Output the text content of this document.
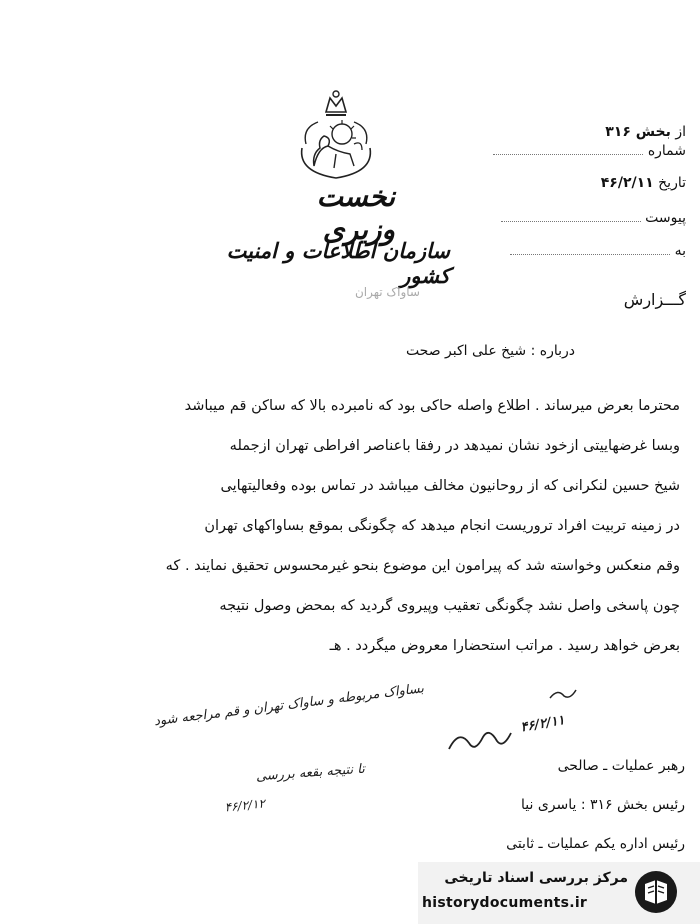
نخست وزیری
سازمان اطلاعات و امنیت کشور
ساواک تهران
از بخش ۳۱۶
شماره
تاریخ ۴۶/۲/۱۱
پیوست
به
گـــزارش
درباره : شیخ علی اکبر صحت
محترما بعرض میرساند . اطلاع واصله حاکی بود که نامبرده بالا که ساکن قم میباشد
وبسا غرضهاییتی ازخود نشان نمیدهد در رفقا باعناصر افراطی تهران ازجمله
شیخ حسین لنکرانی که از روحانیون مخالف میباشد در تماس بوده وفعالیتهایی
در زمینه تربیت افراد تروریست انجام میدهد که چگونگی بموقع بساواکهای تهران
وقم منعکس وخواسته شد که پیرامون این موضوع بنحو غیرمحسوس تحقیق نمایند . که
چون پاسخی واصل نشد چگونگی تعقیب وپیروی گردید که بمحض وصول نتیجه
بعرض خواهد رسید . مراتب استحضارا معروض میگردد . هـ
بساواک مربوطه و ساواک تهران و قم مراجعه شود
تا نتیجه بقعه بررسی
۴۶/۲/۱۲
۴۶/۲/۱۱
رهبر عملیات ـ صالحی
رئیس بخش ۳۱۶ : یاسری نیا
رئیس اداره یکم عملیات ـ ثابتی
مرکز بررسی اسناد تاریخی
historydocuments.ir
